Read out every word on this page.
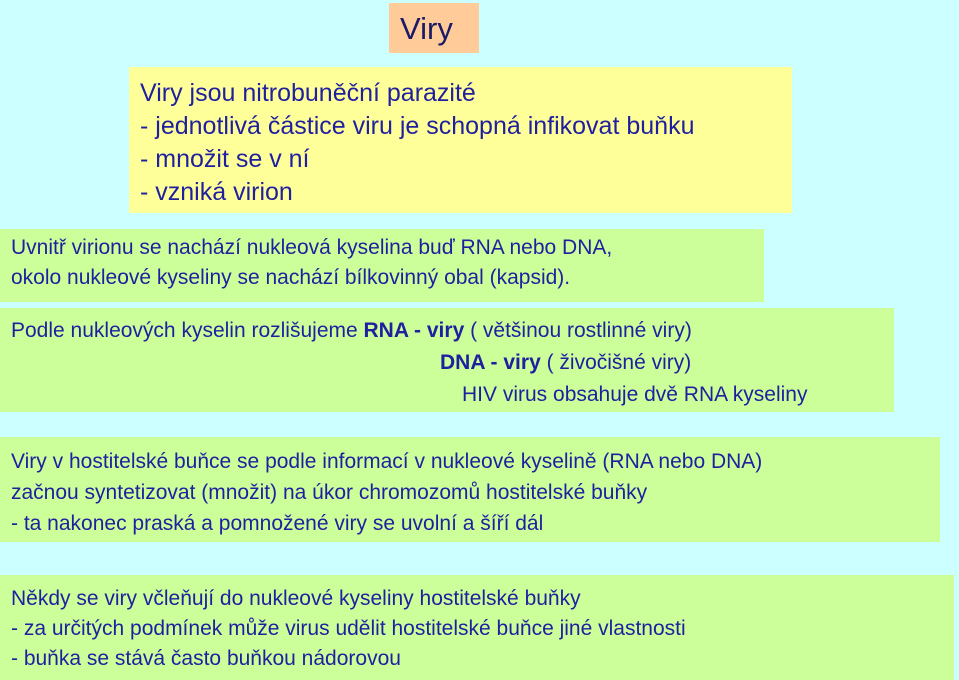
Viry
Viry jsou nitrobuněční parazité
- jednotlivá částice viru je schopná infikovat buňku
- množit se v ní
- vzniká virion
Uvnitř virionu se nachází nukleová kyselina buď RNA nebo DNA,
okolo nukleové kyseliny se nachází bílkovinný obal (kapsid).
Podle nukleových kyselin rozlišujeme RNA - viry ( většinou rostlinné viry)
DNA - viry ( živočišné viry)
HIV virus obsahuje dvě RNA kyseliny
Viry v hostitelské buňce se podle informací v nukleové kyselině (RNA nebo DNA)
začnou syntetizovat (množit) na úkor chromozomů hostitelské buňky
- ta nakonec praská a pomnožené viry se uvolní a šíří dál
Někdy se viry včleňují do nukleové kyseliny hostitelské buňky
- za určitých podmínek může virus udělit hostitelské buňce jiné vlastnosti
- buňka se stává často buňkou nádorovou
